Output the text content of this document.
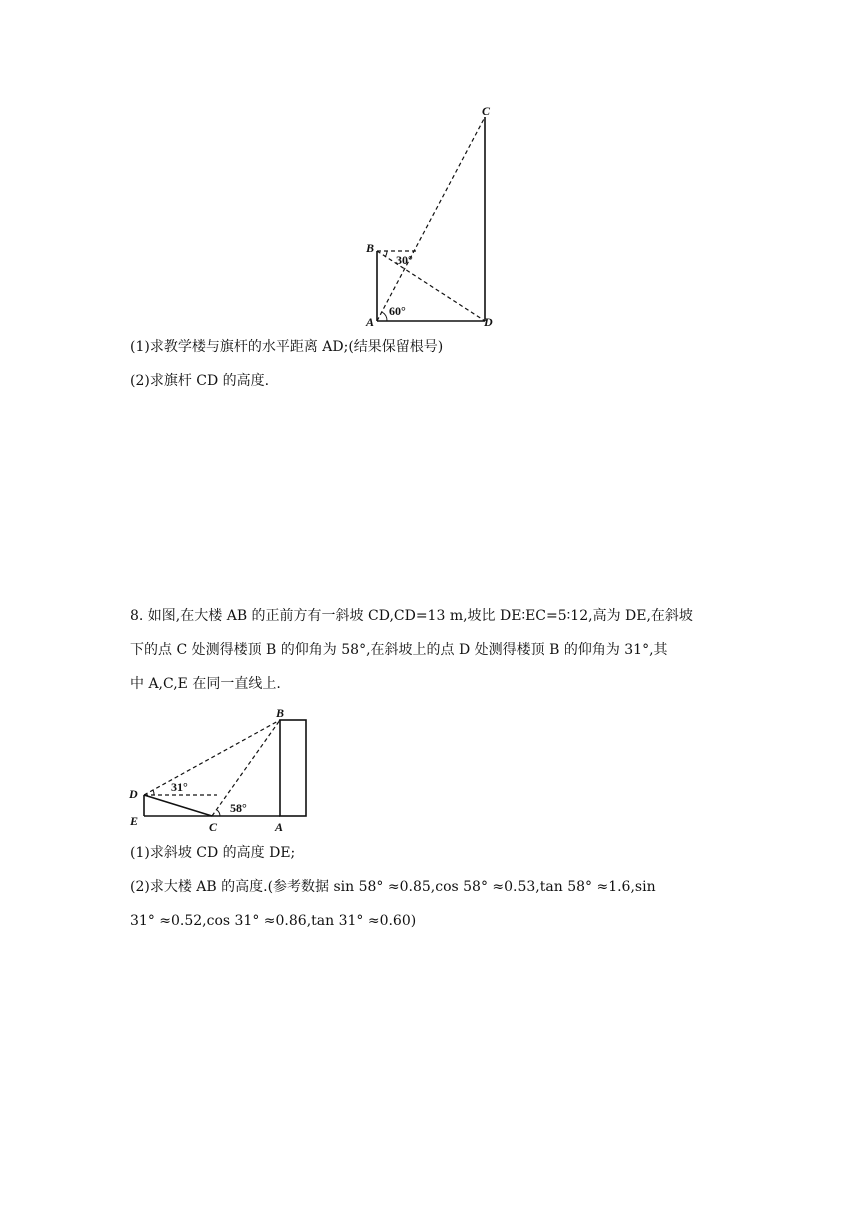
B
A
C
D
30°
60°
(1)求教学楼与旗杆的水平距离 AD;(结果保留根号)
(2)求旗杆 CD 的高度.
8. 如图,在大楼 AB 的正前方有一斜坡 CD,CD=13 m,坡比 DE∶EC=5∶12,高为 DE,在斜坡
下的点 C 处测得楼顶 B 的仰角为 58°,在斜坡上的点 D 处测得楼顶 B 的仰角为 31°,其
中 A,C,E 在同一直线上.
B
D
E	C	A
31°
58°
(1)求斜坡 CD 的高度 DE;
(2)求大楼 AB 的高度.(参考数据 sin 58° ≈0.85,cos 58° ≈0.53,tan 58° ≈1.6,sin
31° ≈0.52,cos 31° ≈0.86,tan 31° ≈0.60)
